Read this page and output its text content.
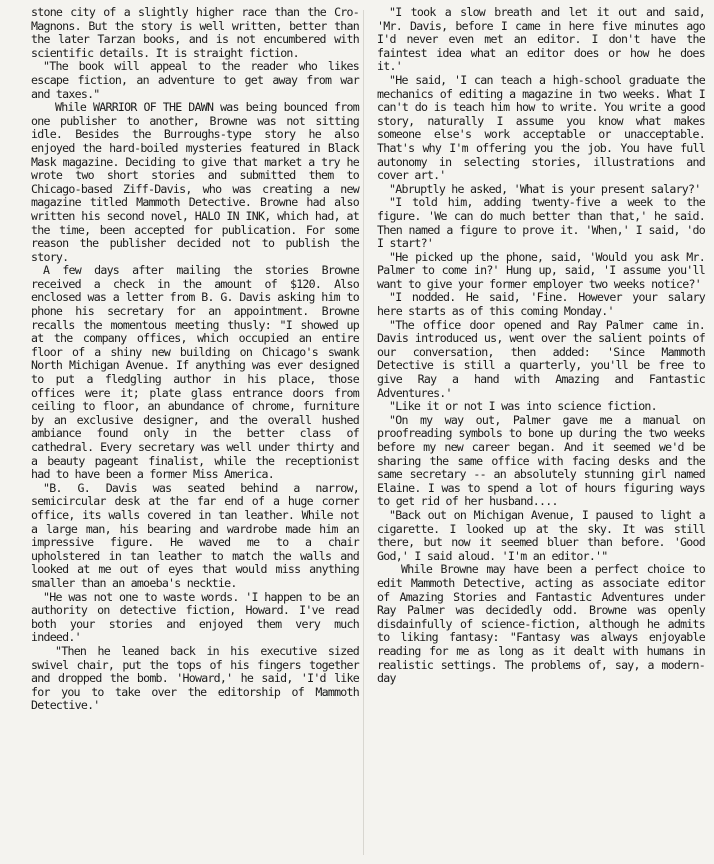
stone city of a slightly higher race than the Cro-Magnons. But the story is well written, better than the later Tarzan books, and is not encumbered with scientific details. It is straight fiction.

"The book will appeal to the reader who likes escape fiction, an adventure to get away from war and taxes."

While WARRIOR OF THE DAWN was being bounced from one publisher to another, Browne was not sitting idle. Besides the Burroughs-type story he also enjoyed the hard-boiled mysteries featured in Black Mask magazine. Deciding to give that market a try he wrote two short stories and submitted them to Chicago-based Ziff-Davis, who was creating a new magazine titled Mammoth Detective. Browne had also written his second novel, HALO IN INK, which had, at the time, been accepted for publication. For some reason the publisher decided not to publish the story.

A few days after mailing the stories Browne received a check in the amount of $120. Also enclosed was a letter from B. G. Davis asking him to phone his secretary for an appointment. Browne recalls the momentous meeting thusly: "I showed up at the company offices, which occupied an entire floor of a shiny new building on Chicago's swank North Michigan Avenue. If anything was ever designed to put a fledgling author in his place, those offices were it; plate glass entrance doors from ceiling to floor, an abundance of chrome, furniture by an exclusive designer, and the overall hushed ambiance found only in the better class of cathedral. Every secretary was well under thirty and a beauty pageant finalist, while the receptionist had to have been a former Miss America.

"B. G. Davis was seated behind a narrow, semicircular desk at the far end of a huge corner office, its walls covered in tan leather. While not a large man, his bearing and wardrobe made him an impressive figure. He waved me to a chair upholstered in tan leather to match the walls and looked at me out of eyes that would miss anything smaller than an amoeba's necktie.

"He was not one to waste words. 'I happen to be an authority on detective fiction, Howard. I've read both your stories and enjoyed them very much indeed.'

"Then he leaned back in his executive sized swivel chair, put the tops of his fingers together and dropped the bomb. 'Howard,' he said, 'I'd like for you to take over the editorship of Mammoth Detective.'

"I took a slow breath and let it out and said, 'Mr. Davis, before I came in here five minutes ago I'd never even met an editor. I don't have the faintest idea what an editor does or how he does it.'

"He said, 'I can teach a high-school graduate the mechanics of editing a magazine in two weeks. What I can't do is teach him how to write. You write a good story, naturally I assume you know what makes someone else's work acceptable or unacceptable. That's why I'm offering you the job. You have full autonomy in selecting stories, illustrations and cover art.'

"Abruptly he asked, 'What is your present salary?'

"I told him, adding twenty-five a week to the figure. 'We can do much better than that,' he said. Then named a figure to prove it. 'When,' I said, 'do I start?'

"He picked up the phone, said, 'Would you ask Mr. Palmer to come in?' Hung up, said, 'I assume you'll want to give your former employer two weeks notice?'

"I nodded. He said, 'Fine. However your salary here starts as of this coming Monday.'

"The office door opened and Ray Palmer came in. Davis introduced us, went over the salient points of our conversation, then added: 'Since Mammoth Detective is still a quarterly, you'll be free to give Ray a hand with Amazing and Fantastic Adventures.'

"Like it or not I was into science fiction.

"On my way out, Palmer gave me a manual on proofreading symbols to bone up during the two weeks before my new career began. And it seemed we'd be sharing the same office with facing desks and the same secretary -- an absolutely stunning girl named Elaine. I was to spend a lot of hours figuring ways to get rid of her husband....

"Back out on Michigan Avenue, I paused to light a cigarette. I looked up at the sky. It was still there, but now it seemed bluer than before. 'Good God,' I said aloud. 'I'm an editor.'"

While Browne may have been a perfect choice to edit Mammoth Detective, acting as associate editor of Amazing Stories and Fantastic Adventures under Ray Palmer was decidedly odd. Browne was openly disdainfully of science-fiction, although he admits to liking fantasy: "Fantasy was always enjoyable reading for me as long as it dealt with humans in realistic settings. The problems of, say, a modern-day
